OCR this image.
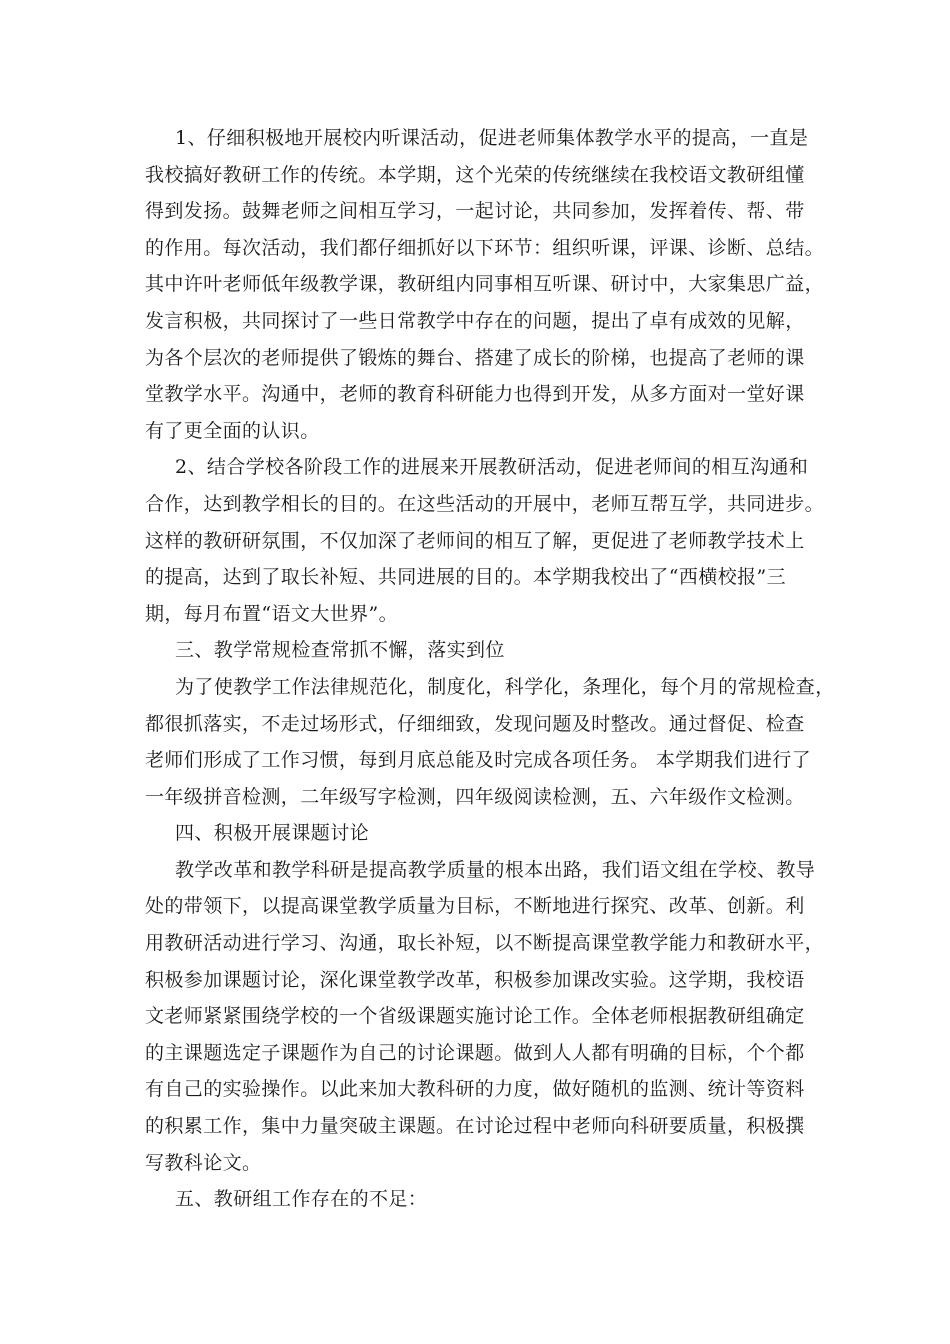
1、仔细积极地开展校内听课活动，促进老师集体教学水平的提高，一直是
我校搞好教研工作的传统。本学期，这个光荣的传统继续在我校语文教研组懂
得到发扬。鼓舞老师之间相互学习，一起讨论，共同参加，发挥着传、帮、带
的作用。每次活动，我们都仔细抓好以下环节：组织听课，评课、诊断、总结。
其中许叶老师低年级教学课，教研组内同事相互听课、研讨中，大家集思广益，
发言积极，共同探讨了一些日常教学中存在的问题，提出了卓有成效的见解，
为各个层次的老师提供了锻炼的舞台、搭建了成长的阶梯，也提高了老师的课
堂教学水平。沟通中，老师的教育科研能力也得到开发，从多方面对一堂好课
有了更全面的认识。
2、结合学校各阶段工作的进展来开展教研活动，促进老师间的相互沟通和
合作，达到教学相长的目的。在这些活动的开展中，老师互帮互学，共同进步。
这样的教研研氛围，不仅加深了老师间的相互了解，更促进了老师教学技术上
的提高，达到了取长补短、共同进展的目的。本学期我校出了“西横校报”三
期，每月布置“语文大世界”。
三、教学常规检查常抓不懈，落实到位
为了使教学工作法律规范化，制度化，科学化，条理化，每个月的常规检查，
都很抓落实，不走过场形式，仔细细致，发现问题及时整改。通过督促、检查
老师们形成了工作习惯，每到月底总能及时完成各项任务。 本学期我们进行了
一年级拼音检测，二年级写字检测，四年级阅读检测，五、六年级作文检测。
四、积极开展课题讨论
教学改革和教学科研是提高教学质量的根本出路，我们语文组在学校、教导
处的带领下，以提高课堂教学质量为目标，不断地进行探究、改革、创新。利
用教研活动进行学习、沟通，取长补短，以不断提高课堂教学能力和教研水平，
积极参加课题讨论，深化课堂教学改革，积极参加课改实验。这学期，我校语
文老师紧紧围绕学校的一个省级课题实施讨论工作。全体老师根据教研组确定
的主课题选定子课题作为自己的讨论课题。做到人人都有明确的目标，个个都
有自己的实验操作。以此来加大教科研的力度，做好随机的监测、统计等资料
的积累工作，集中力量突破主课题。在讨论过程中老师向科研要质量，积极撰
写教科论文。
五、教研组工作存在的不足：
